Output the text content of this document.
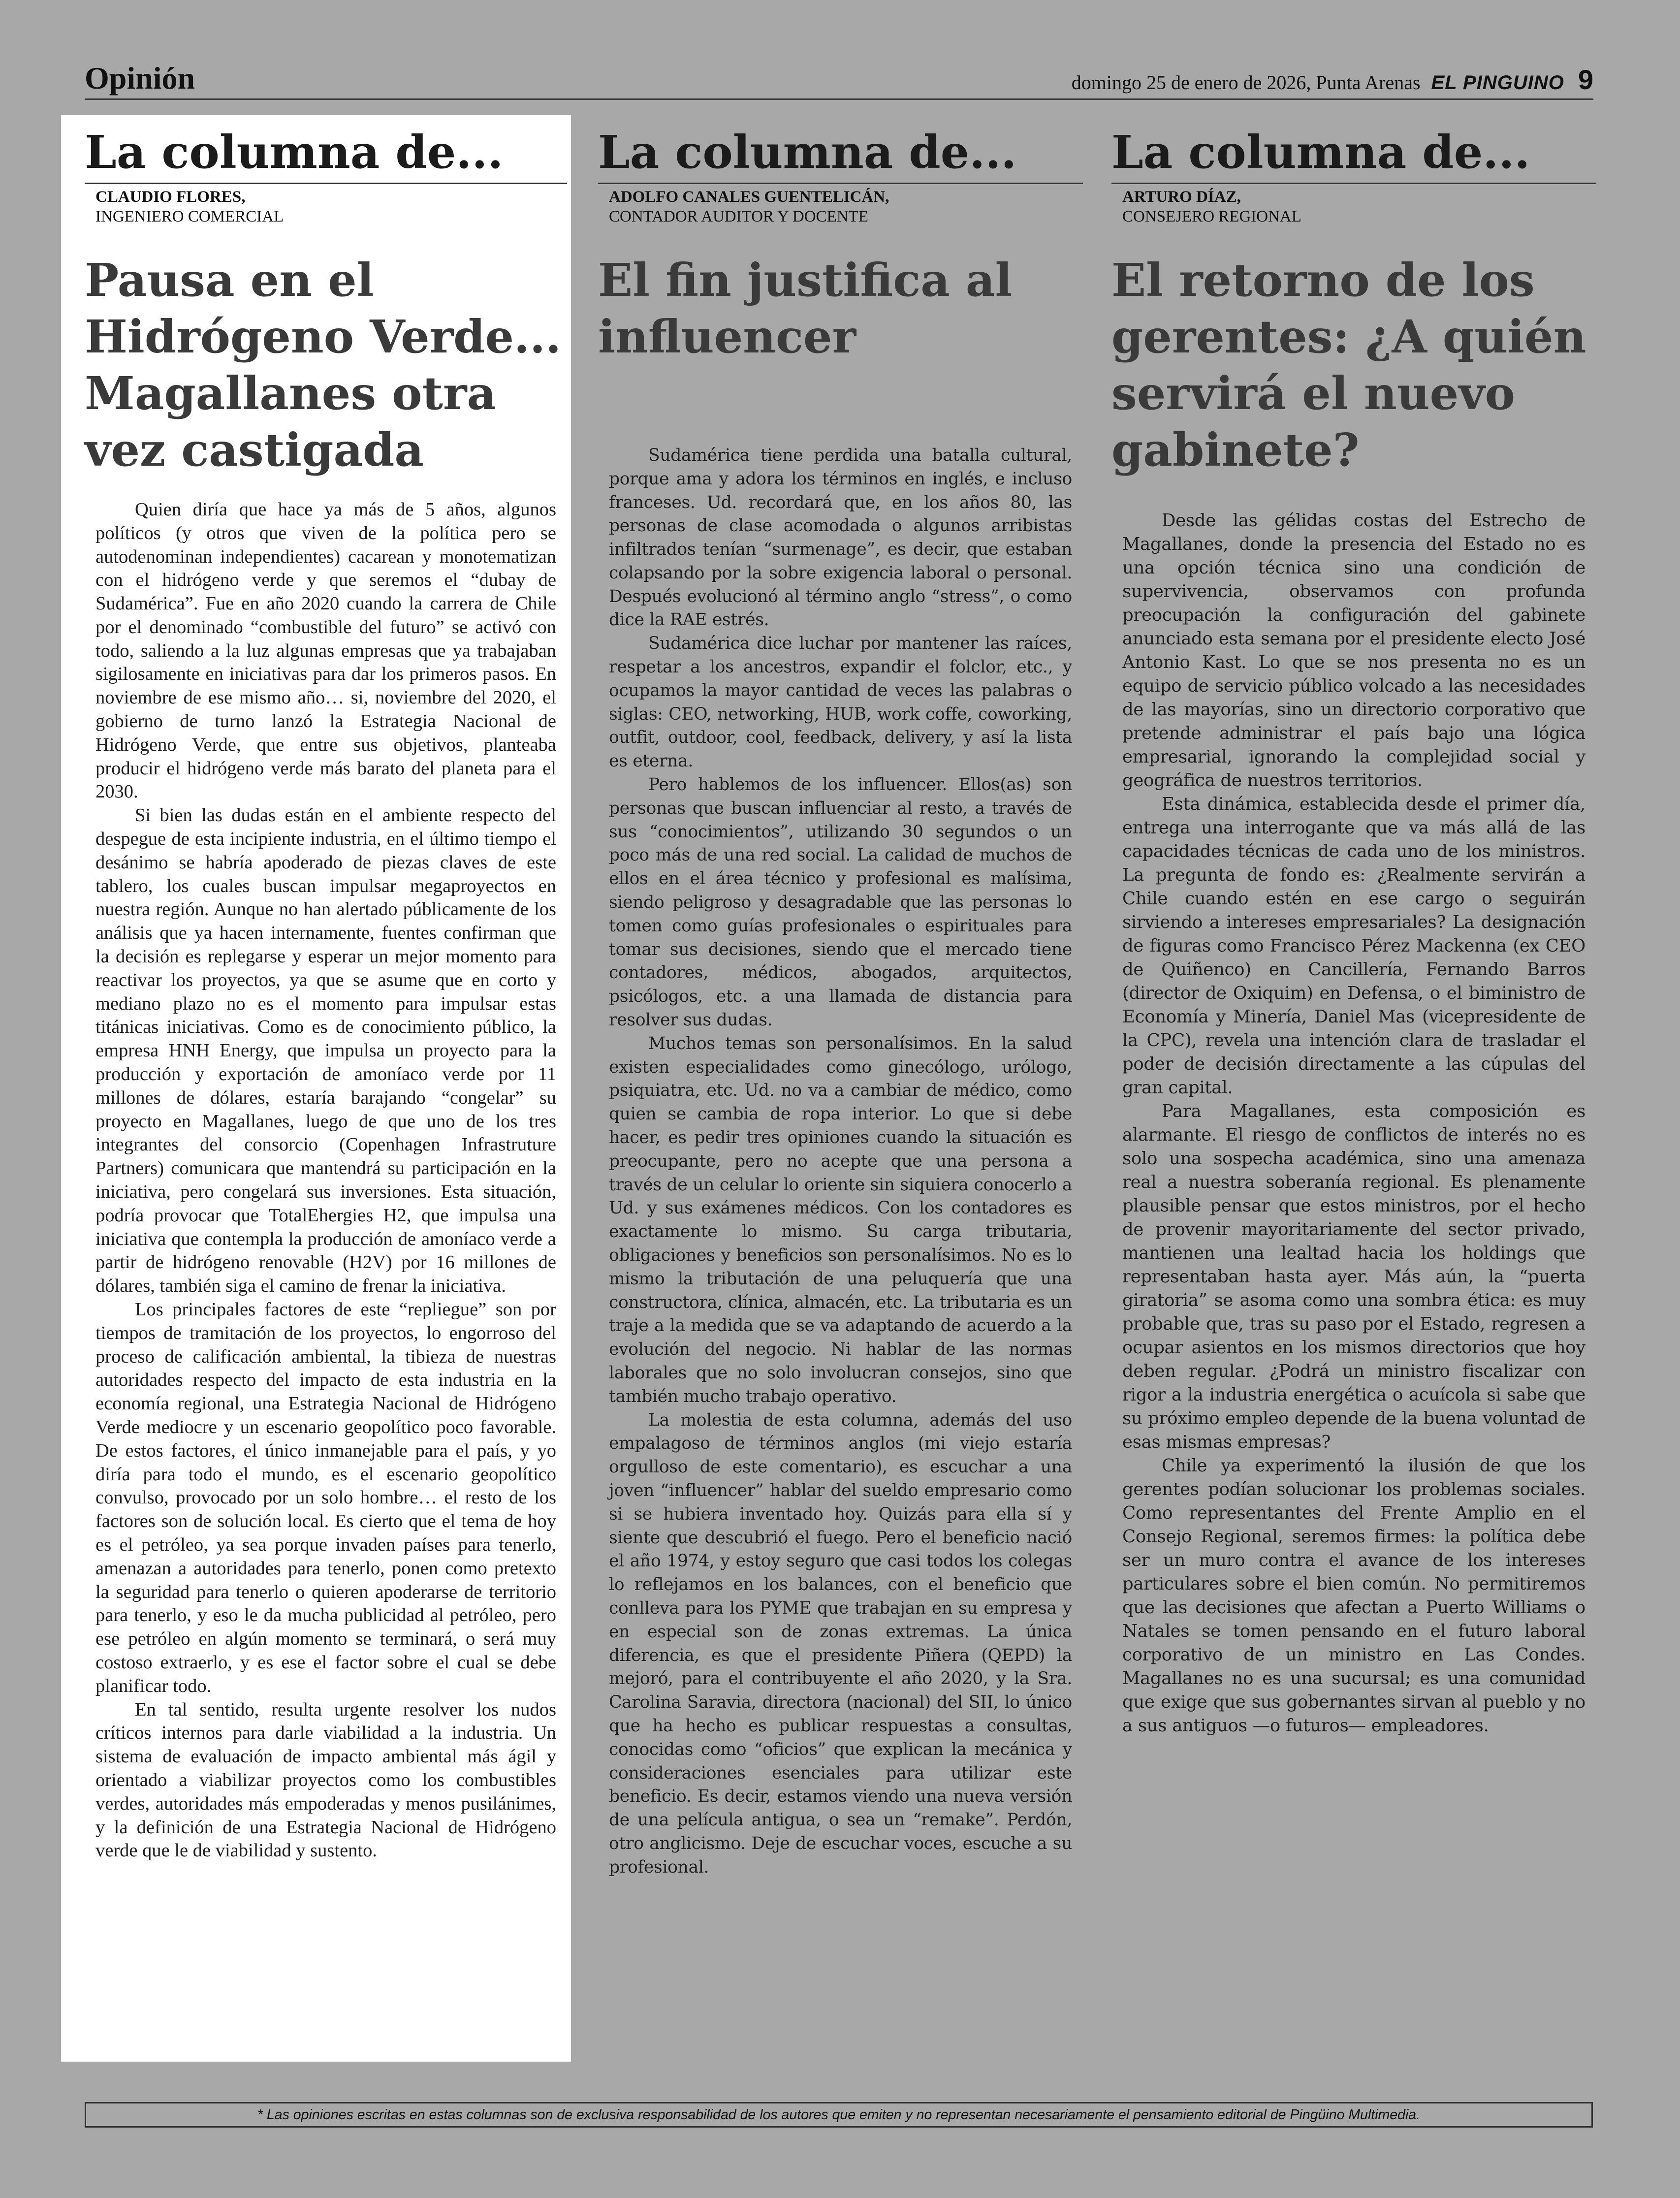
Opinión	domingo 25 de enero de 2026, Punta Arenas EL PINGUINO 9
La columna de...
CLAUDIO FLORES,
INGENIERO COMERCIAL
Pausa en el Hidrógeno Verde... Magallanes otra vez castigada

Quien diría que hace ya más de 5 años, algunos políticos (y otros que viven de la política pero se autodenominan independientes) cacarean y monotematizan con el hidrógeno verde y que seremos el “dubay de Sudamérica”. Fue en año 2020 cuando la carrera de Chile por el denominado “combustible del futuro” se activó con todo, saliendo a la luz algunas empresas que ya trabajaban sigilosamente en iniciativas para dar los primeros pasos. En noviembre de ese mismo año… si, noviembre del 2020, el gobierno de turno lanzó la Estrategia Nacional de Hidrógeno Verde, que entre sus objetivos, planteaba producir el hidrógeno verde más barato del planeta para el 2030.

Si bien las dudas están en el ambiente respecto del despegue de esta incipiente industria, en el último tiempo el desánimo se habría apoderado de piezas claves de este tablero, los cuales buscan impulsar megaproyectos en nuestra región. Aunque no han alertado públicamente de los análisis que ya hacen internamente, fuentes confirman que la decisión es replegarse y esperar un mejor momento para reactivar los proyectos, ya que se asume que en corto y mediano plazo no es el momento para impulsar estas titánicas iniciativas. Como es de conocimiento público, la empresa HNH Energy, que impulsa un proyecto para la producción y exportación de amoníaco verde por 11 millones de dólares, estaría barajando “congelar” su proyecto en Magallanes, luego de que uno de los tres integrantes del consorcio (Copenhagen Infrastruture Partners) comunicara que mantendrá su participación en la iniciativa, pero congelará sus inversiones. Esta situación, podría provocar que TotalEhergies H2, que impulsa una iniciativa que contempla la producción de amoníaco verde a partir de hidrógeno renovable (H2V) por 16 millones de dólares, también siga el camino de frenar la iniciativa.

Los principales factores de este “repliegue” son por tiempos de tramitación de los proyectos, lo engorroso del proceso de calificación ambiental, la tibieza de nuestras autoridades respecto del impacto de esta industria en la economía regional, una Estrategia Nacional de Hidrógeno Verde mediocre y un escenario geopolítico poco favorable. De estos factores, el único inmanejable para el país, y yo diría para todo el mundo, es el escenario geopolítico convulso, provocado por un solo hombre… el resto de los factores son de solución local. Es cierto que el tema de hoy es el petróleo, ya sea porque invaden países para tenerlo, amenazan a autoridades para tenerlo, ponen como pretexto la seguridad para tenerlo o quieren apoderarse de territorio para tenerlo, y eso le da mucha publicidad al petróleo, pero ese petróleo en algún momento se terminará, o será muy costoso extraerlo, y es ese el factor sobre el cual se debe planificar todo.

En tal sentido, resulta urgente resolver los nudos críticos internos para darle viabilidad a la industria. Un sistema de evaluación de impacto ambiental más ágil y orientado a viabilizar proyectos como los combustibles verdes, autoridades más empoderadas y menos pusilánimes, y la definición de una Estrategia Nacional de Hidrógeno verde que le de viabilidad y sustento.

La columna de...
ADOLFO CANALES GUENTELICÁN,
CONTADOR AUDITOR Y DOCENTE
El fin justifica al influencer

Sudamérica tiene perdida una batalla cultural, porque ama y adora los términos en inglés, e incluso franceses. Ud. recordará que, en los años 80, las personas de clase acomodada o algunos arribistas infiltrados tenían “surmenage”, es decir, que estaban colapsando por la sobre exigencia laboral o personal. Después evolucionó al término anglo “stress”, o como dice la RAE estrés.

Sudamérica dice luchar por mantener las raíces, respetar a los ancestros, expandir el folclor, etc., y ocupamos la mayor cantidad de veces las palabras o siglas: CEO, networking, HUB, work coffe, coworking, outfit, outdoor, cool, feedback, delivery, y así la lista es eterna.

Pero hablemos de los influencer. Ellos(as) son personas que buscan influenciar al resto, a través de sus “conocimientos”, utilizando 30 segundos o un poco más de una red social. La calidad de muchos de ellos en el área técnico y profesional es malísima, siendo peligroso y desagradable que las personas lo tomen como guías profesionales o espirituales para tomar sus decisiones, siendo que el mercado tiene contadores, médicos, abogados, arquitectos, psicólogos, etc. a una llamada de distancia para resolver sus dudas.

Muchos temas son personalísimos. En la salud existen especialidades como ginecólogo, urólogo, psiquiatra, etc. Ud. no va a cambiar de médico, como quien se cambia de ropa interior. Lo que si debe hacer, es pedir tres opiniones cuando la situación es preocupante, pero no acepte que una persona a través de un celular lo oriente sin siquiera conocerlo a Ud. y sus exámenes médicos. Con los contadores es exactamente lo mismo. Su carga tributaria, obligaciones y beneficios son personalísimos. No es lo mismo la tributación de una peluquería que una constructora, clínica, almacén, etc. La tributaria es un traje a la medida que se va adaptando de acuerdo a la evolución del negocio. Ni hablar de las normas laborales que no solo involucran consejos, sino que también mucho trabajo operativo.

La molestia de esta columna, además del uso empalagoso de términos anglos (mi viejo estaría orgulloso de este comentario), es escuchar a una joven “influencer” hablar del sueldo empresario como si se hubiera inventado hoy. Quizás para ella sí y siente que descubrió el fuego. Pero el beneficio nació el año 1974, y estoy seguro que casi todos los colegas lo reflejamos en los balances, con el beneficio que conlleva para los PYME que trabajan en su empresa y en especial son de zonas extremas. La única diferencia, es que el presidente Piñera (QEPD) la mejoró, para el contribuyente el año 2020, y la Sra. Carolina Saravia, directora (nacional) del SII, lo único que ha hecho es publicar respuestas a consultas, conocidas como “oficios” que explican la mecánica y consideraciones esenciales para utilizar este beneficio. Es decir, estamos viendo una nueva versión de una película antigua, o sea un “remake”. Perdón, otro anglicismo. Deje de escuchar voces, escuche a su profesional.

La columna de...
ARTURO DÍAZ,
CONSEJERO REGIONAL
El retorno de los gerentes: ¿A quién servirá el nuevo gabinete?

Desde las gélidas costas del Estrecho de Magallanes, donde la presencia del Estado no es una opción técnica sino una condición de supervivencia, observamos con profunda preocupación la configuración del gabinete anunciado esta semana por el presidente electo José Antonio Kast. Lo que se nos presenta no es un equipo de servicio público volcado a las necesidades de las mayorías, sino un directorio corporativo que pretende administrar el país bajo una lógica empresarial, ignorando la complejidad social y geográfica de nuestros territorios.

Esta dinámica, establecida desde el primer día, entrega una interrogante que va más allá de las capacidades técnicas de cada uno de los ministros. La pregunta de fondo es: ¿Realmente servirán a Chile cuando estén en ese cargo o seguirán sirviendo a intereses empresariales? La designación de figuras como Francisco Pérez Mackenna (ex CEO de Quiñenco) en Cancillería, Fernando Barros (director de Oxiquim) en Defensa, o el biministro de Economía y Minería, Daniel Mas (vicepresidente de la CPC), revela una intención clara de trasladar el poder de decisión directamente a las cúpulas del gran capital.

Para Magallanes, esta composición es alarmante. El riesgo de conflictos de interés no es solo una sospecha académica, sino una amenaza real a nuestra soberanía regional. Es plenamente plausible pensar que estos ministros, por el hecho de provenir mayoritariamente del sector privado, mantienen una lealtad hacia los holdings que representaban hasta ayer. Más aún, la “puerta giratoria” se asoma como una sombra ética: es muy probable que, tras su paso por el Estado, regresen a ocupar asientos en los mismos directorios que hoy deben regular. ¿Podrá un ministro fiscalizar con rigor a la industria energética o acuícola si sabe que su próximo empleo depende de la buena voluntad de esas mismas empresas?

Chile ya experimentó la ilusión de que los gerentes podían solucionar los problemas sociales. Como representantes del Frente Amplio en el Consejo Regional, seremos firmes: la política debe ser un muro contra el avance de los intereses particulares sobre el bien común. No permitiremos que las decisiones que afectan a Puerto Williams o Natales se tomen pensando en el futuro laboral corporativo de un ministro en Las Condes. Magallanes no es una sucursal; es una comunidad que exige que sus gobernantes sirvan al pueblo y no a sus antiguos —o futuros— empleadores.

* Las opiniones escritas en estas columnas son de exclusiva responsabilidad de los autores que emiten y no representan necesariamente el pensamiento editorial de Pingüino Multimedia.
